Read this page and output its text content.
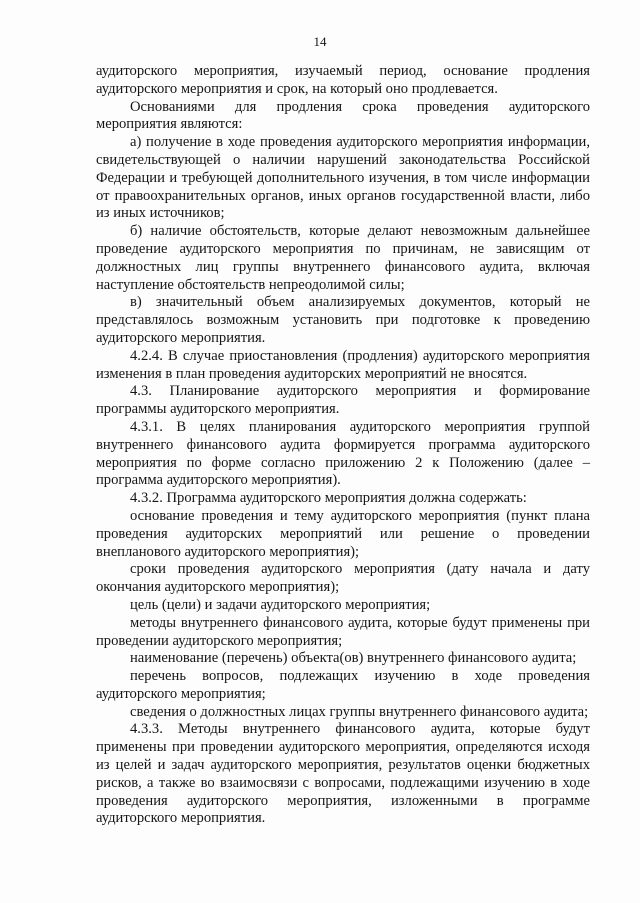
14

аудиторского мероприятия, изучаемый период, основание продления аудиторского мероприятия и срок, на который оно продлевается.

Основаниями для продления срока проведения аудиторского мероприятия являются:

а) получение в ходе проведения аудиторского мероприятия информации, свидетельствующей о наличии нарушений законодательства Российской Федерации и требующей дополнительного изучения, в том числе информации от правоохранительных органов, иных органов государственной власти, либо из иных источников;

б) наличие обстоятельств, которые делают невозможным дальнейшее проведение аудиторского мероприятия по причинам, не зависящим от должностных лиц группы внутреннего финансового аудита, включая наступление обстоятельств непреодолимой силы;

в) значительный объем анализируемых документов, который не представлялось возможным установить при подготовке к проведению аудиторского мероприятия.

4.2.4. В случае приостановления (продления) аудиторского мероприятия изменения в план проведения аудиторских мероприятий не вносятся.

4.3. Планирование аудиторского мероприятия и формирование программы аудиторского мероприятия.

4.3.1. В целях планирования аудиторского мероприятия группой внутреннего финансового аудита формируется программа аудиторского мероприятия по форме согласно приложению 2 к Положению (далее – программа аудиторского мероприятия).

4.3.2. Программа аудиторского мероприятия должна содержать:

основание проведения и тему аудиторского мероприятия (пункт плана проведения аудиторских мероприятий или решение о проведении внепланового аудиторского мероприятия);

сроки проведения аудиторского мероприятия (дату начала и дату окончания аудиторского мероприятия);

цель (цели) и задачи аудиторского мероприятия;

методы внутреннего финансового аудита, которые будут применены при проведении аудиторского мероприятия;

наименование (перечень) объекта(ов) внутреннего финансового аудита;

перечень вопросов, подлежащих изучению в ходе проведения аудиторского мероприятия;

сведения о должностных лицах группы внутреннего финансового аудита;

4.3.3. Методы внутреннего финансового аудита, которые будут применены при проведении аудиторского мероприятия, определяются исходя из целей и задач аудиторского мероприятия, результатов оценки бюджетных рисков, а также во взаимосвязи с вопросами, подлежащими изучению в ходе проведения аудиторского мероприятия, изложенными в программе аудиторского мероприятия.
